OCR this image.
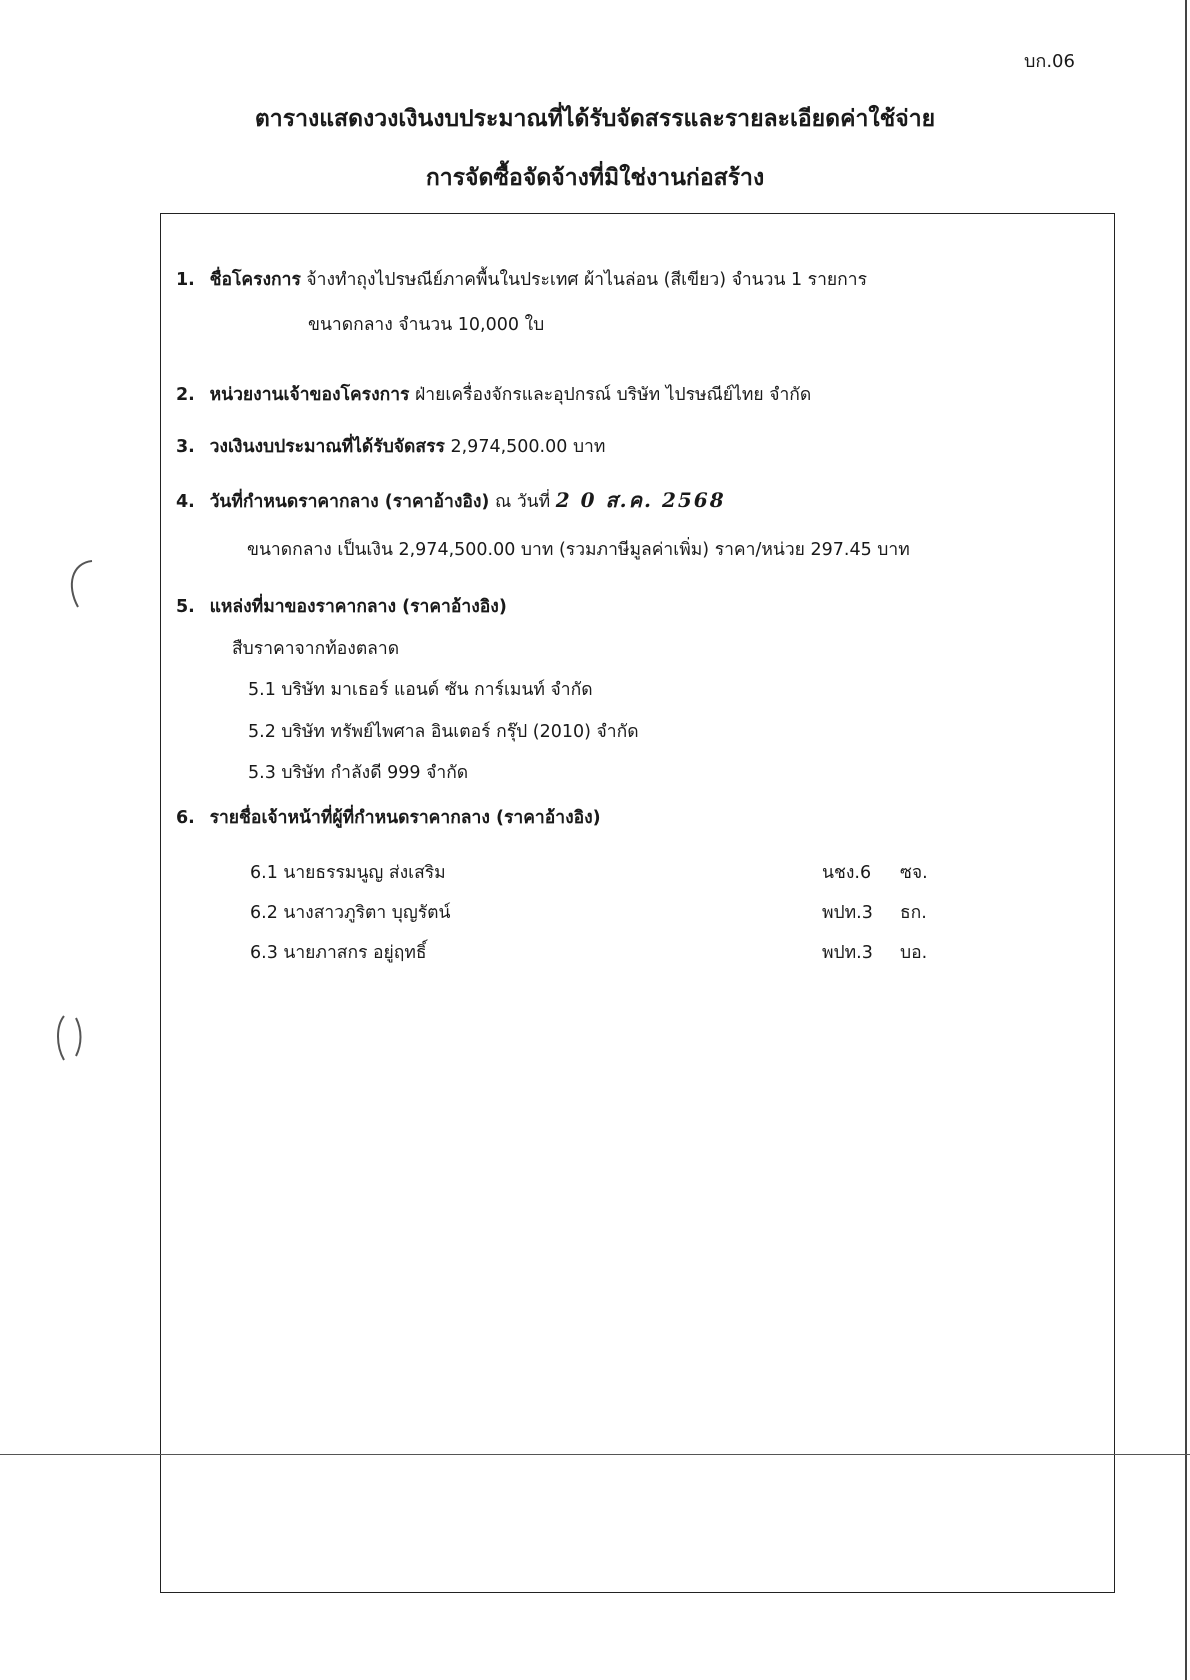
บก.06
ตารางแสดงวงเงินงบประมาณที่ได้รับจัดสรรและรายละเอียดค่าใช้จ่าย
การจัดซื้อจัดจ้างที่มิใช่งานก่อสร้าง
1. ชื่อโครงการ จ้างทำถุงไปรษณีย์ภาคพื้นในประเทศ ผ้าไนล่อน (สีเขียว) จำนวน 1 รายการ
ขนาดกลาง จำนวน 10,000 ใบ
2. หน่วยงานเจ้าของโครงการ ฝ่ายเครื่องจักรและอุปกรณ์ บริษัท ไปรษณีย์ไทย จำกัด
3. วงเงินงบประมาณที่ได้รับจัดสรร 2,974,500.00 บาท
4. วันที่กำหนดราคากลาง (ราคาอ้างอิง) ณ วันที่ 2 0 ส.ค. 2568
ขนาดกลาง เป็นเงิน 2,974,500.00 บาท (รวมภาษีมูลค่าเพิ่ม) ราคา/หน่วย 297.45 บาท
5. แหล่งที่มาของราคากลาง (ราคาอ้างอิง)
สืบราคาจากท้องตลาด
5.1 บริษัท มาเธอร์ แอนด์ ซัน การ์เมนท์ จำกัด
5.2 บริษัท ทรัพย์ไพศาล อินเตอร์ กรุ๊ป (2010) จำกัด
5.3 บริษัท กำลังดี 999 จำกัด
6. รายชื่อเจ้าหน้าที่ผู้ที่กำหนดราคากลาง (ราคาอ้างอิง)
6.1 นายธรรมนูญ ส่งเสริม	นชง.6 ซจ.
6.2 นางสาวภูริตา บุญรัตน์	พปท.3 ธก.
6.3 นายภาสกร อยู่ฤทธิ์	พปท.3 บอ.
